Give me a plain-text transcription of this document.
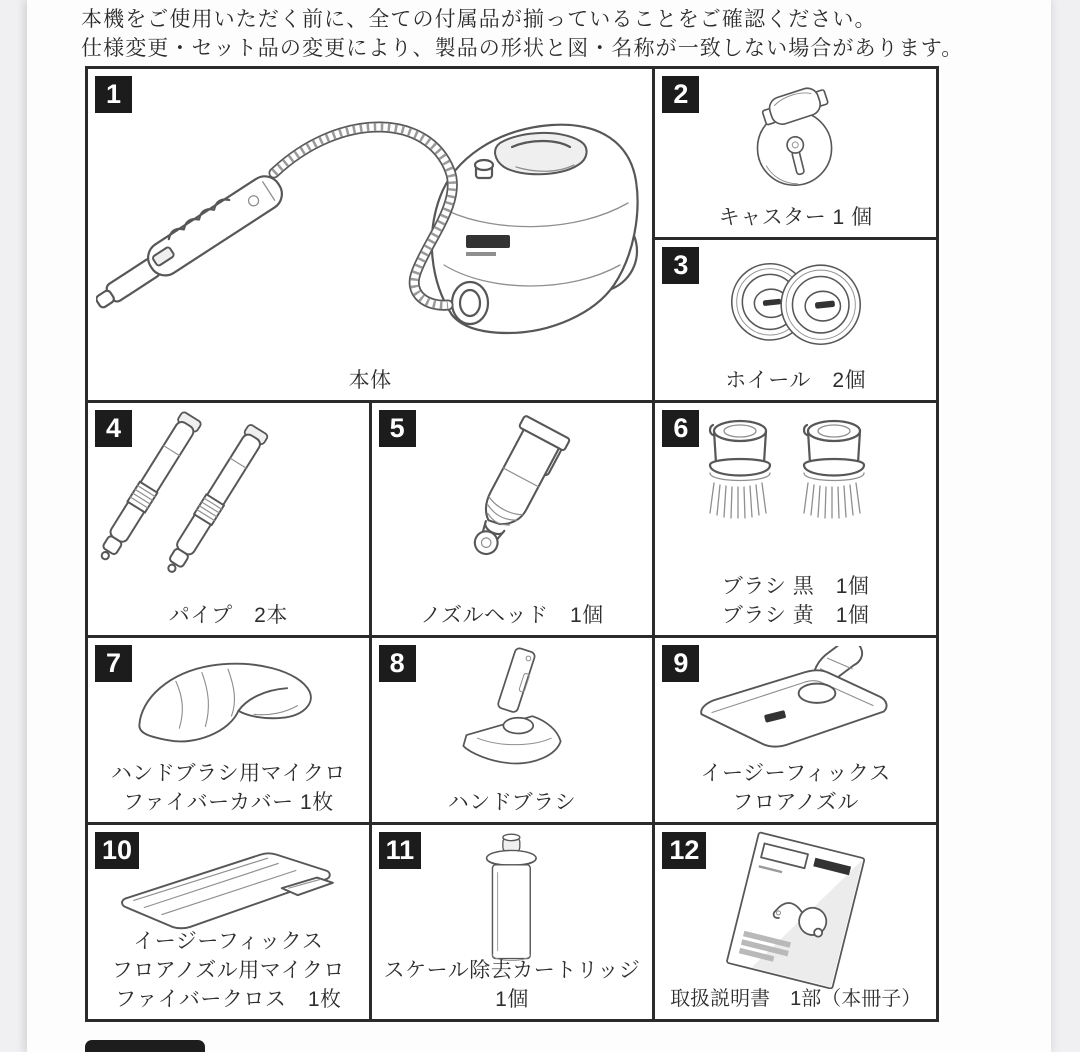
本機をご使用いただく前に、全ての付属品が揃っていることをご確認ください。
仕様変更・セット品の変更により、製品の形状と図・名称が一致しない場合があります。
1
本体
2
キャスター 1 個
3
ホイール　2個
4
パイプ　2本
5
ノズルヘッド　1個
6
ブラシ 黒　1個
ブラシ 黄　1個
7
ハンドブラシ用マイクロ
ファイバーカバー 1枚
8
ハンドブラシ
9
イージーフィックス
フロアノズル
10
イージーフィックス
フロアノズル用マイクロ
ファイバークロス　1枚
11
スケール除去カートリッジ
1個
12
取扱説明書　1部（本冊子）
